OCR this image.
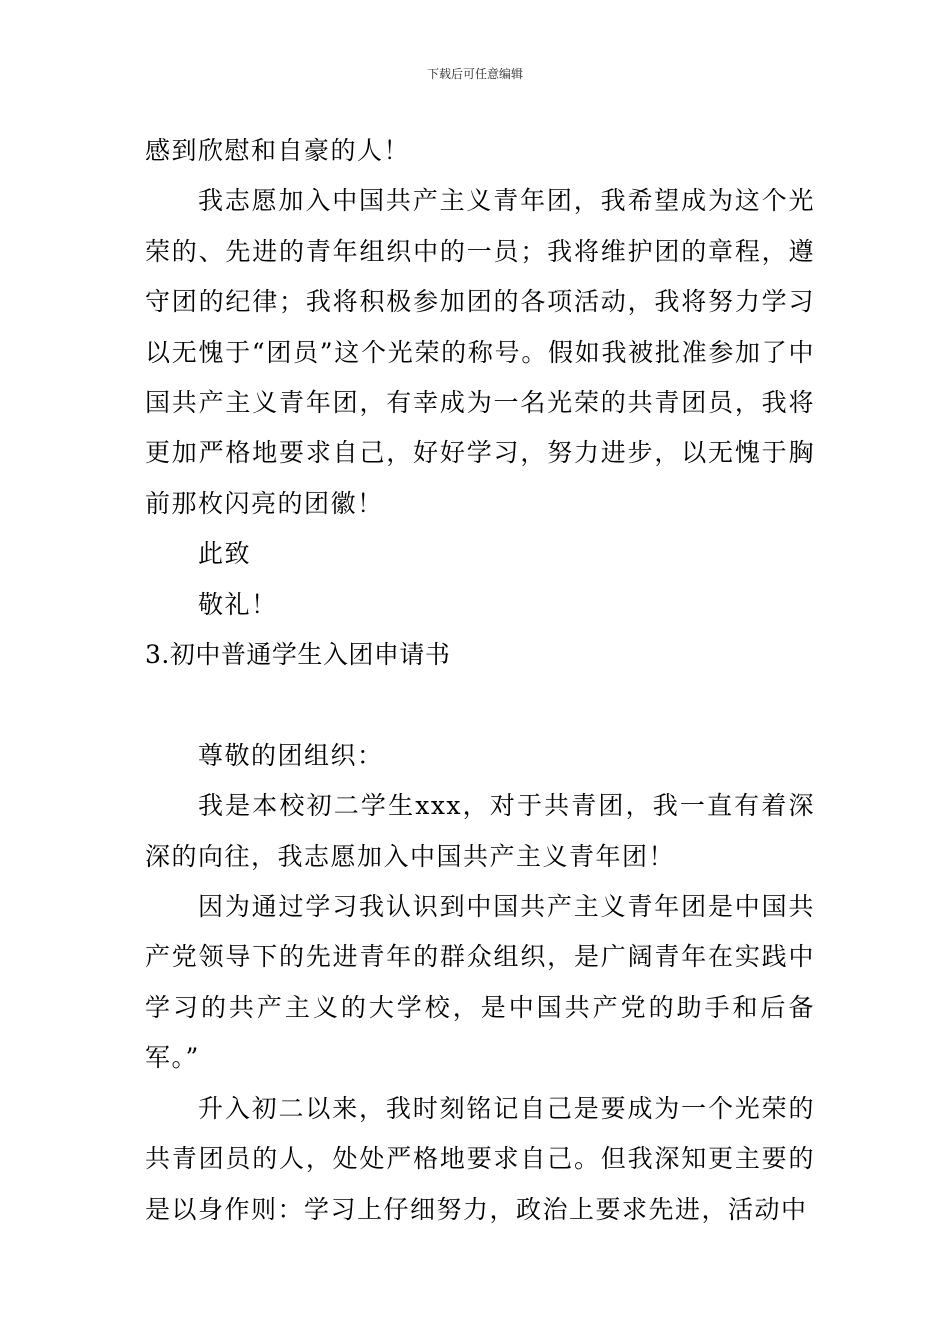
下载后可任意编辑

感到欣慰和自豪的人！

我志愿加入中国共产主义青年团，我希望成为这个光荣的、先进的青年组织中的一员；我将维护团的章程，遵守团的纪律；我将积极参加团的各项活动，我将努力学习以无愧于“团员”这个光荣的称号。假如我被批准参加了中国共产主义青年团，有幸成为一名光荣的共青团员，我将更加严格地要求自己，好好学习，努力进步，以无愧于胸前那枚闪亮的团徽！

此致

敬礼！

3.初中普通学生入团申请书

尊敬的团组织：

我是本校初二学生xxx，对于共青团，我一直有着深深的向往，我志愿加入中国共产主义青年团！

因为通过学习我认识到中国共产主义青年团是中国共产党领导下的先进青年的群众组织，是广阔青年在实践中学习的共产主义的大学校，是中国共产党的助手和后备军。”

升入初二以来，我时刻铭记自己是要成为一个光荣的共青团员的人，处处严格地要求自己。但我深知更主要的是以身作则：学习上仔细努力，政治上要求先进，活动中
